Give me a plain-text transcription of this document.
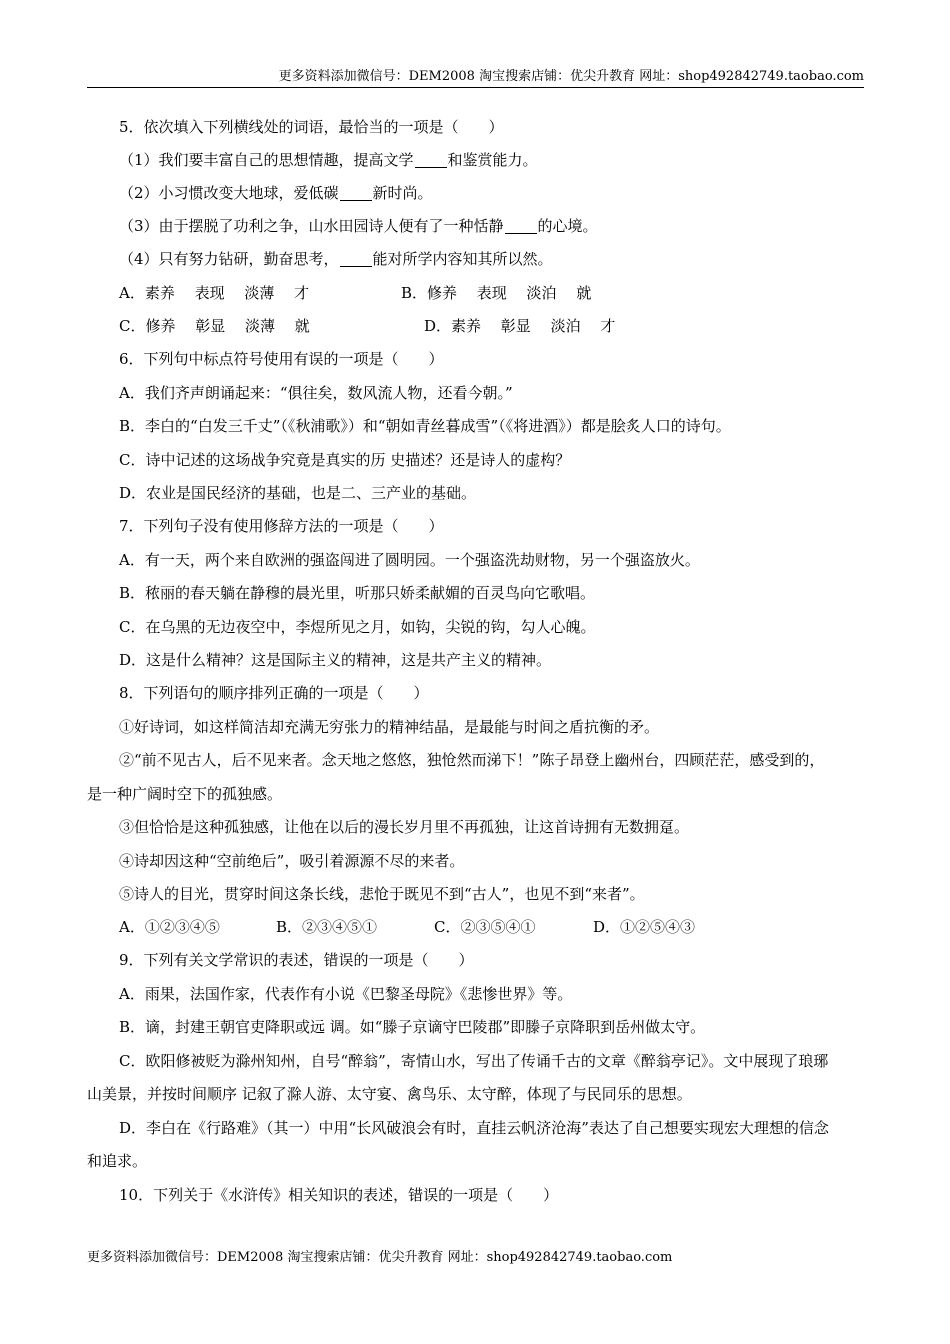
更多资料添加微信号：DEM2008 淘宝搜索店铺：优尖升教育 网址：shop492842749.taobao.com
5．依次填入下列横线处的词语，最恰当的一项是（　　）
（1）我们要丰富自己的思想情趣，提高文学 和鉴赏能力。
（2）小习惯改变大地球，爱低碳 新时尚。
（3）由于摆脱了功利之争，山水田园诗人便有了一种恬静 的心境。
（4）只有努力钻研，勤奋思考， 能对所学内容知其所以然。
A．素养　 表现　 淡薄　 才	B．修养　 表现　 淡泊　 就
C．修养　 彰显　 淡薄　 就	D．素养　 彰显　 淡泊　 才
6．下列句中标点符号使用有误的一项是（　　）
A．我们齐声朗诵起来：“俱往矣，数风流人物，还看今朝。”
B．李白的“白发三千丈”（《秋浦歌》）和“朝如青丝暮成雪”（《将进酒》）都是脍炙人口的诗句。
C．诗中记述的这场战争究竟是真实的历 史描述？还是诗人的虚构？
D．农业是国民经济的基础，也是二、三产业的基础。
7．下列句子没有使用修辞方法的一项是（　　）
A．有一天，两个来自欧洲的强盗闯进了圆明园。一个强盗洗劫财物，另一个强盗放火。
B．秾丽的春天躺在静穆的晨光里，听那只娇柔献媚的百灵鸟向它歌唱。
C．在乌黑的无边夜空中，李煜所见之月，如钩，尖锐的钩，勾人心魄。
D．这是什么精神？这是国际主义的精神，这是共产主义的精神。
8．下列语句的顺序排列正确的一项是（　　）
①好诗词，如这样简洁却充满无穷张力的精神结晶，是最能与时间之盾抗衡的矛。
②“前不见古人，后不见来者。念天地之悠悠，独怆然而涕下！”陈子昂登上幽州台，四顾茫茫，感受到的，
是一种广阔时空下的孤独感。
③但恰恰是这种孤独感，让他在以后的漫长岁月里不再孤独，让这首诗拥有无数拥趸。
④诗却因这种“空前绝后”，吸引着源源不尽的来者。
⑤诗人的目光，贯穿时间这条长线，悲怆于既见不到“古人”，也见不到“来者”。
A．①②③④⑤	B．②③④⑤①	C．②③⑤④①	D．①②⑤④③
9．下列有关文学常识的表述，错误的一项是（　　）
A．雨果，法国作家，代表作有小说《巴黎圣母院》《悲惨世界》等。
B．谪，封建王朝官吏降职或远 调。如“滕子京谪守巴陵郡”即滕子京降职到岳州做太守。
C．欧阳修被贬为滁州知州，自号“醉翁”，寄情山水，写出了传诵千古的文章《醉翁亭记》。文中展现了琅琊
山美景，并按时间顺序 记叙了滁人游、太守宴、禽鸟乐、太守醉，体现了与民同乐的思想。
D．李白在《行路难》（其一）中用“长风破浪会有时，直挂云帆济沧海”表达了自己想要实现宏大理想的信念
和追求。
10．下列关于《水浒传》相关知识的表述，错误的一项是（　　）
更多资料添加微信号：DEM2008 淘宝搜索店铺：优尖升教育 网址：shop492842749.taobao.com
